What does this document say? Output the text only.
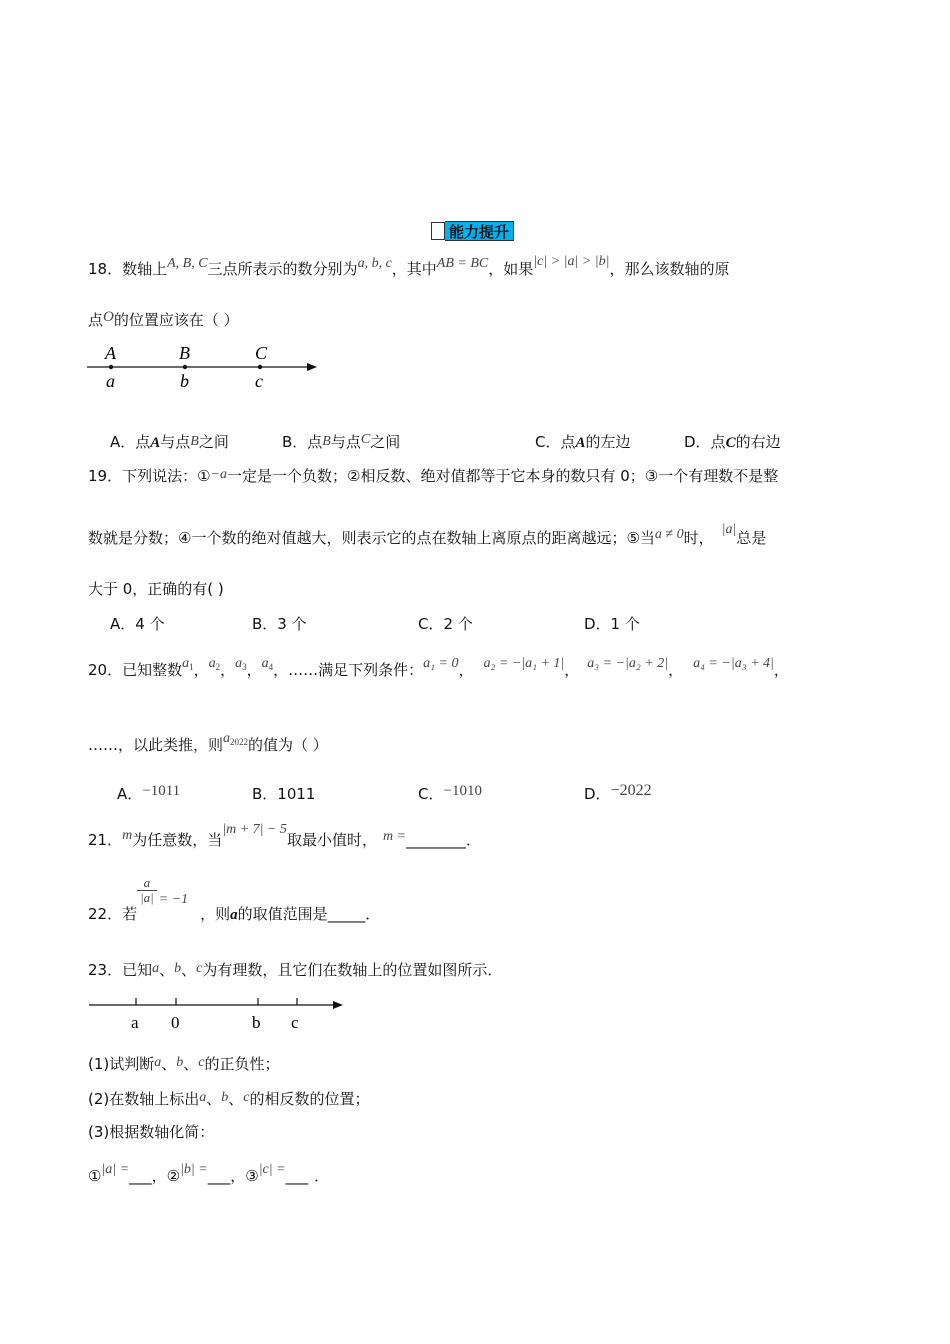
能力提升
18．数轴上A, B, C三点所表示的数分别为a, b, c，其中AB = BC，如果|c| > |a| > |b|，那么该数轴的原
点O的位置应该在（ ）
A	B	C
a	b	c
A．点A与点B之间	B．点B与点C之间	C．点A的左边	D．点C的右边
19．下列说法：①−a一定是一个负数；②相反数、绝对值都等于它本身的数只有 0；③一个有理数不是整
数就是分数；④一个数的绝对值越大，则表示它的点在数轴上离原点的距离越远；⑤当a ≠ 0时， |a|总是
大于 0，正确的有( )
A．4 个	B．3 个	C．2 个	D．1 个
20．已知整数$a_1$，$a_2$，$a_3$，$a_4$，……满足下列条件：a₁ = 0， a₂ = −|a₁ + 1|， a₃ = −|a₂ + 2|， a₄ = −|a₃ + 4|，
……，以此类推，则$a_{2022}$的值为（ ）
A．−1011	B．1011	C．−1010	D．−2022
21．m为任意数，当|m + 7| − 5取最小值时， m =________．
22．若
$\frac{a}{|a|} = -1$，则a的取值范围是_____．
23．已知a、b、c为有理数，且它们在数轴上的位置如图所示．
a 0	b c
(1)试判断a、b、c的正负性；
(2)在数轴上标出a、b、c的相反数的位置；
(3)根据数轴化简：
①|a| =___，②|b| =___，③|c| =___ ．
